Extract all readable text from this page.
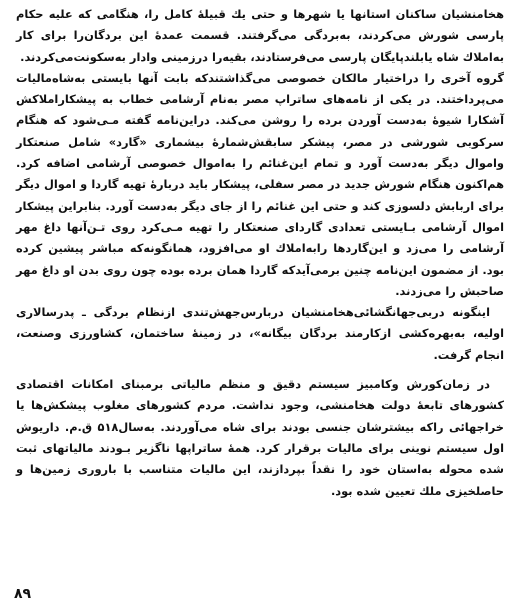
هخامنشیان ساکنان استانها یا شهرها و حتی یك قبیلهٔ کامل را، هنگامی که علیه حکام پارسی شورش می‌کردند، به‌بردگی می‌گرفتند. قسمت عمدهٔ این بردگان‌را برای کار به‌املاك شاه یا‌بلندپایگان پارسی می‌فرستادند، بقیه‌را درزمینی وادار به‌سکونت‌می‌کردند.

گروه آخری را دراختیار مالکان خصوصی می‌گذاشتندکه بابت آنها بایستی به‌شاه‌مالیات می‌پرداختند. در یکی از نامه‌های ساتراپ مصر به‌نام آرشامی خطاب به پیشکاراملاکش آشکارا شیوهٔ به‌دست آوردن برده را روشن می‌کند. دراین‌نامه گفته مـی‌شود که هنگام سرکوبی شورشی در مصر، پیشکر سابقش‌شمارهٔ بیشماری «گارد» شامل صنعتکار واموال دیگر به‌دست آورد و تمام این‌غنائم را به‌اموال خصوصی آرشامی اضافه کرد. هم‌اکنون هنگام شورش جدید در مصر سفلی، پیشکار باید دربارهٔ تهیه گاردا و اموال دیگر برای اربابش دلسوزی کند و حتی این غنائم را از جای دیگر به‌دست آورد. بنابراین پیشکار اموال آرشامی بـایستی تعدادی گاردای صنعتکار را تهیه مـی‌کرد روی تـن‌آنها داغ مهر آرشامی را می‌زد و این‌گاردها رابه‌املاك او می‌افزود، همانگونه‌که مباشر پیشین کرده بود. از مضمون این‌نامه چنین برمی‌آیدکه گاردا همان برده بوده چون روی بدن او داغ مهر صاحبش را می‌زدند.

اینگونه دربی‌جهانگشائی‌هخامنشیان دربارس‌جهش‌تندی ازنظام بردگی ـ پدرسالاری اولیه، به‌بهره‌کشی ازکارمند بردگان بیگانه»، در زمینهٔ ساختمان، کشاورزی وصنعت، انجام گرفت.

در زمان‌کورش وکامبیز سیستم دقیق و منظم مالیاتی برمبنای امکانات اقتصادی کشورهای تابعهٔ دولت هخامنشی، وجود نداشت. مردم کشورهای مغلوب پیشکش‌ها یا خراجهائی راکه بیشترشان جنسی بودند برای شاه می‌آوردند. به‌سال۵۱۸ ق.م. داریوش اول سیستم نوینی برای مالیات برقرار کرد. همهٔ ساتراپها ناگزیر بـودند مالیاتهای ثبت شده محوله به‌استان خود را نقداً بپردازند، این مالیات متناسب با باروری زمین‌ها و حاصلخیزی ملك تعیین شده بود.

۸۹
